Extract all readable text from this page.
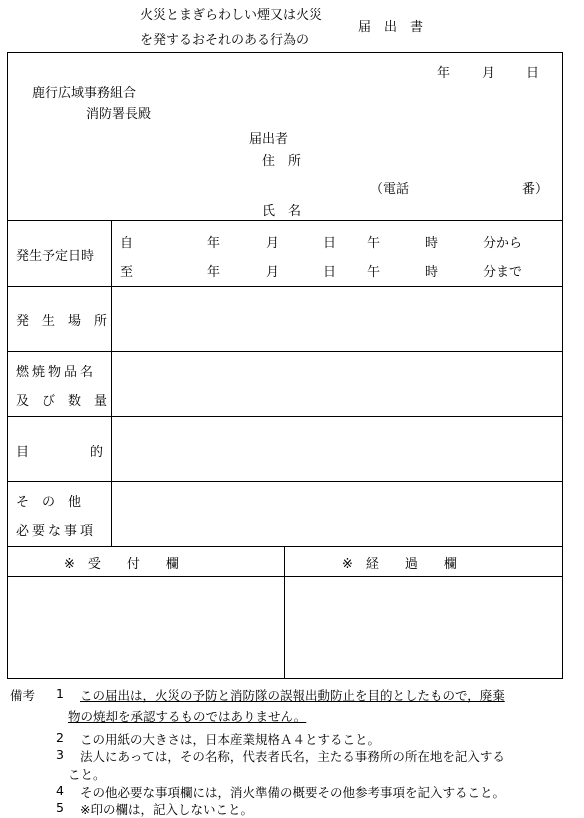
火災とまぎらわしい煙又は火災
を発するおそれのある行為の
届　出　書
年 月 日
鹿行広域事務組合
消防署長殿
届出者
住　所
（電話	番）
氏　名
発生予定日時
自	年	月	日 午	時	分から
至	年	月	日 午	時	分まで
発　生　場　所
燃焼物品名
及　び　数　量
目	的
そ　の　他
必要な事項
※　受　　付　　欄	※　経　　過　　欄
備考 1 この届出は，火災の予防と消防隊の誤報出動防止を目的としたもので，廃棄
物の焼却を承認するものではありません。
2 この用紙の大きさは，日本産業規格Ａ４とすること。
3 法人にあっては，その名称，代表者氏名，主たる事務所の所在地を記入する
こと。
4 その他必要な事項欄には，消火準備の概要その他参考事項を記入すること。
5 ※印の欄は，記入しないこと。
